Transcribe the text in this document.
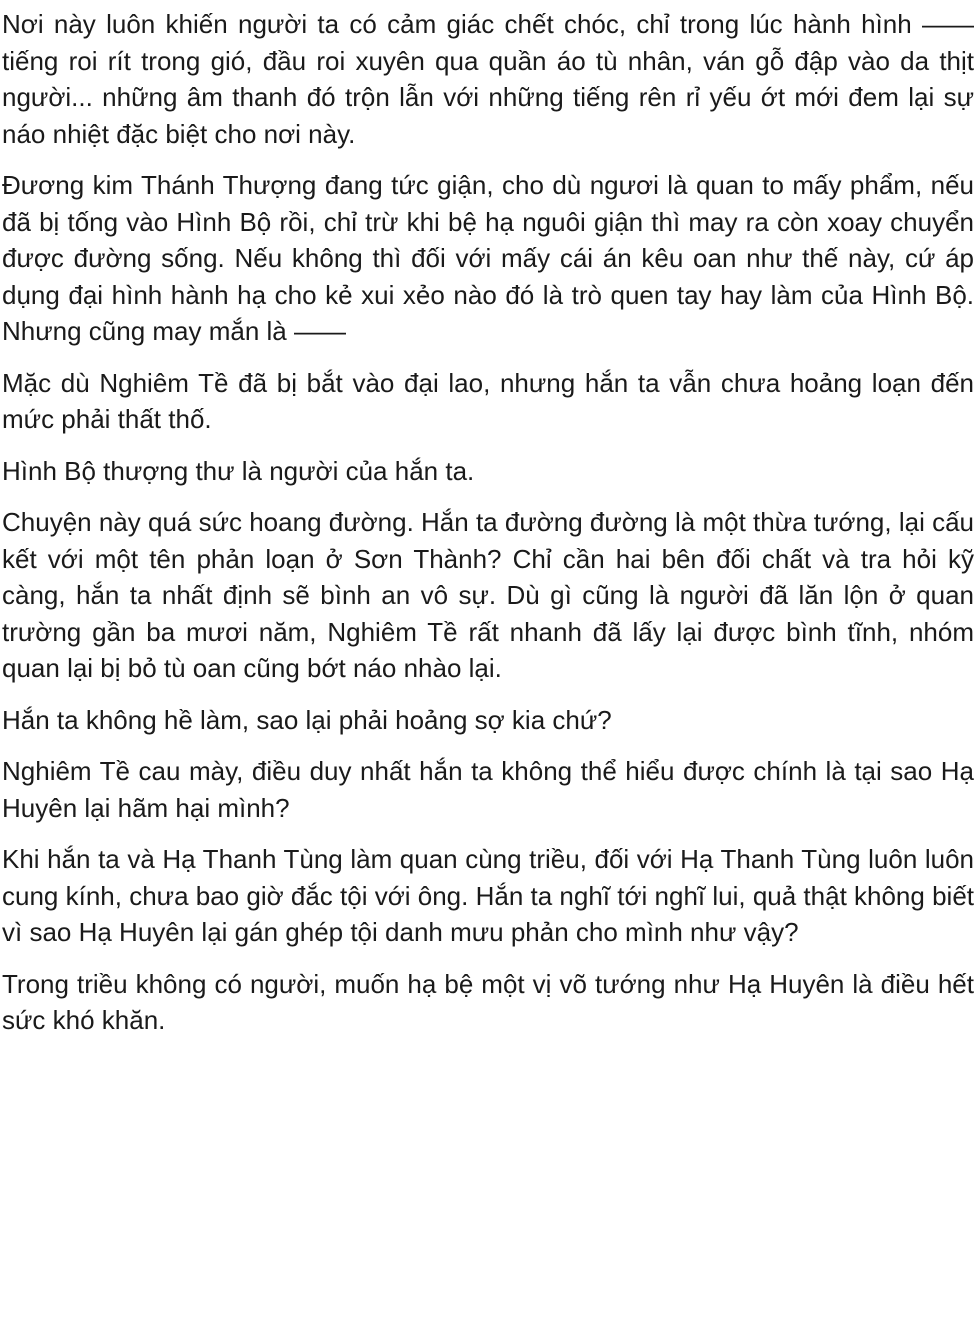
Nơi này luôn khiến người ta có cảm giác chết chóc, chỉ trong lúc hành hình —— tiếng roi rít trong gió, đầu roi xuyên qua quần áo tù nhân, ván gỗ đập vào da thịt người... những âm thanh đó trộn lẫn với những tiếng rên rỉ yếu ớt mới đem lại sự náo nhiệt đặc biệt cho nơi này.

Đương kim Thánh Thượng đang tức giận, cho dù ngươi là quan to mấy phẩm, nếu đã bị tống vào Hình Bộ rồi, chỉ trừ khi bệ hạ nguôi giận thì may ra còn xoay chuyển được đường sống. Nếu không thì đối với mấy cái án kêu oan như thế này, cứ áp dụng đại hình hành hạ cho kẻ xui xẻo nào đó là trò quen tay hay làm của Hình Bộ. Nhưng cũng may mắn là ——

Mặc dù Nghiêm Tề đã bị bắt vào đại lao, nhưng hắn ta vẫn chưa hoảng loạn đến mức phải thất thố.

Hình Bộ thượng thư là người của hắn ta.

Chuyện này quá sức hoang đường. Hắn ta đường đường là một thừa tướng, lại cấu kết với một tên phản loạn ở Sơn Thành? Chỉ cần hai bên đối chất và tra hỏi kỹ càng, hắn ta nhất định sẽ bình an vô sự. Dù gì cũng là người đã lăn lộn ở quan trường gần ba mươi năm, Nghiêm Tề rất nhanh đã lấy lại được bình tĩnh, nhóm quan lại bị bỏ tù oan cũng bớt náo nhào lại.

Hắn ta không hề làm, sao lại phải hoảng sợ kia chứ?

Nghiêm Tề cau mày, điều duy nhất hắn ta không thể hiểu được chính là tại sao Hạ Huyên lại hãm hại mình?

Khi hắn ta và Hạ Thanh Tùng làm quan cùng triều, đối với Hạ Thanh Tùng luôn luôn cung kính, chưa bao giờ đắc tội với ông. Hắn ta nghĩ tới nghĩ lui, quả thật không biết vì sao Hạ Huyên lại gán ghép tội danh mưu phản cho mình như vậy?

Trong triều không có người, muốn hạ bệ một vị võ tướng như Hạ Huyên là điều hết sức khó khăn.
